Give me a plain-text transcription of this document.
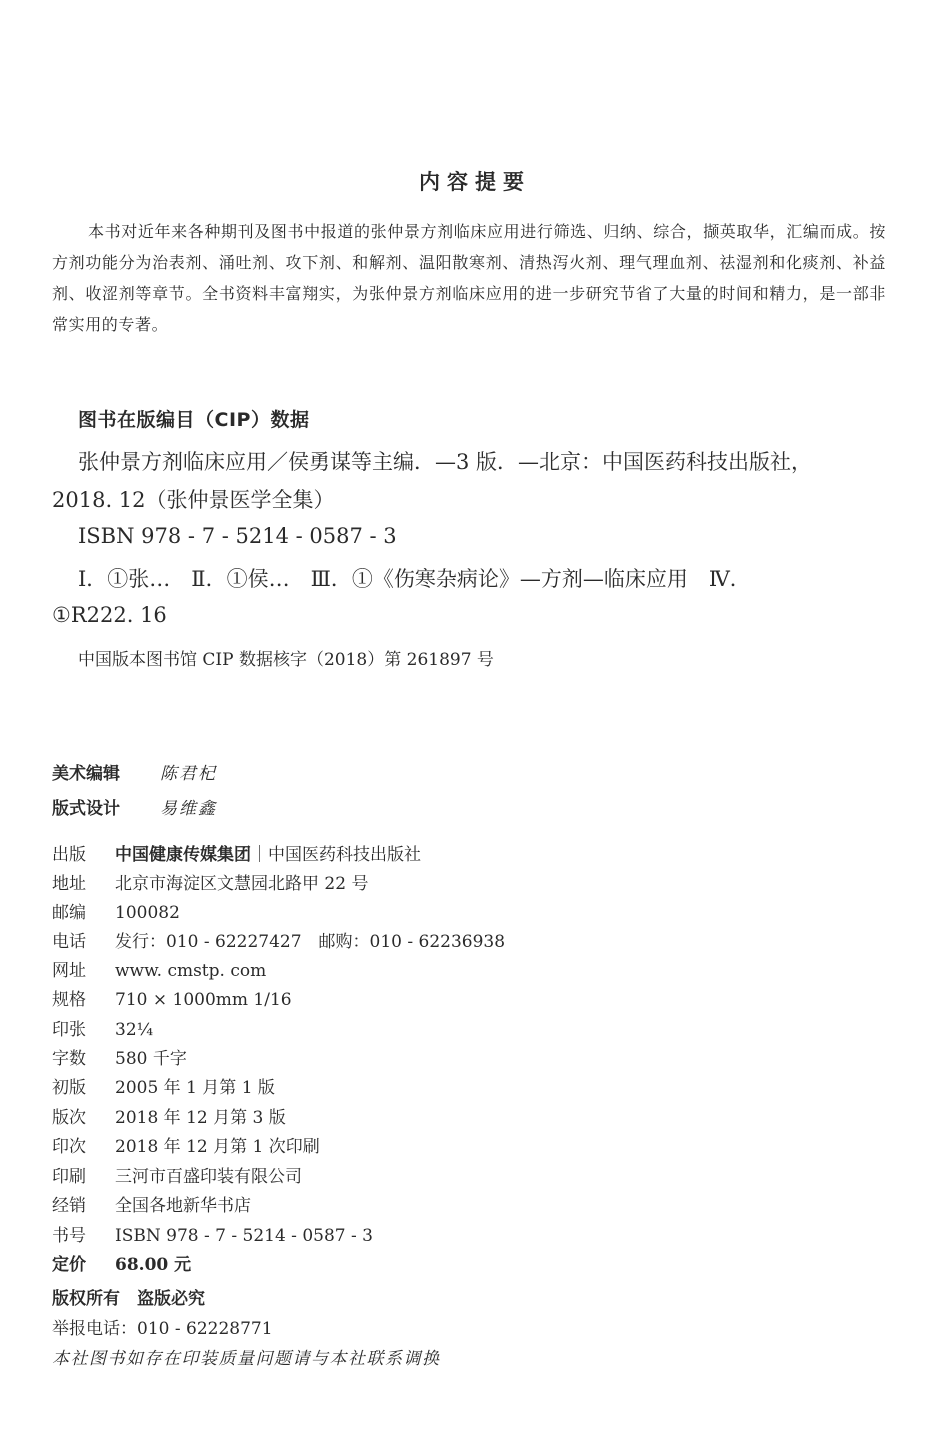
内容提要

本书对近年来各种期刊及图书中报道的张仲景方剂临床应用进行筛选、归纳、综合，撷英取华，汇编而成。按方剂功能分为治表剂、涌吐剂、攻下剂、和解剂、温阳散寒剂、清热泻火剂、理气理血剂、祛湿剂和化痰剂、补益剂、收涩剂等章节。全书资料丰富翔实，为张仲景方剂临床应用的进一步研究节省了大量的时间和精力，是一部非常实用的专著。

图书在版编目（CIP）数据
张仲景方剂临床应用／侯勇谋等主编．—3 版．—北京：中国医药科技出版社，
2018. 12（张仲景医学全集）
ISBN 978 - 7 - 5214 - 0587 - 3
Ⅰ．①张…　Ⅱ．①侯…　Ⅲ．①《伤寒杂病论》—方剂—临床应用　Ⅳ．
①R222. 16
中国版本图书馆 CIP 数据核字（2018）第 261897 号
美术编辑 陈君杞
版式设计 易维鑫
出版 中国健康传媒集团｜中国医药科技出版社
地址 北京市海淀区文慧园北路甲 22 号
邮编 100082
电话 发行：010 - 62227427　邮购：010 - 62236938
网址 www. cmstp. com
规格 710 × 1000mm 1/16
印张 32¼
字数 580 千字
初版 2005 年 1 月第 1 版
版次 2018 年 12 月第 3 版
印次 2018 年 12 月第 1 次印刷
印刷 三河市百盛印装有限公司
经销 全国各地新华书店
书号 ISBN 978 - 7 - 5214 - 0587 - 3
定价 68.00 元
版权所有　盗版必究
举报电话：010 - 62228771
本社图书如存在印装质量问题请与本社联系调换
